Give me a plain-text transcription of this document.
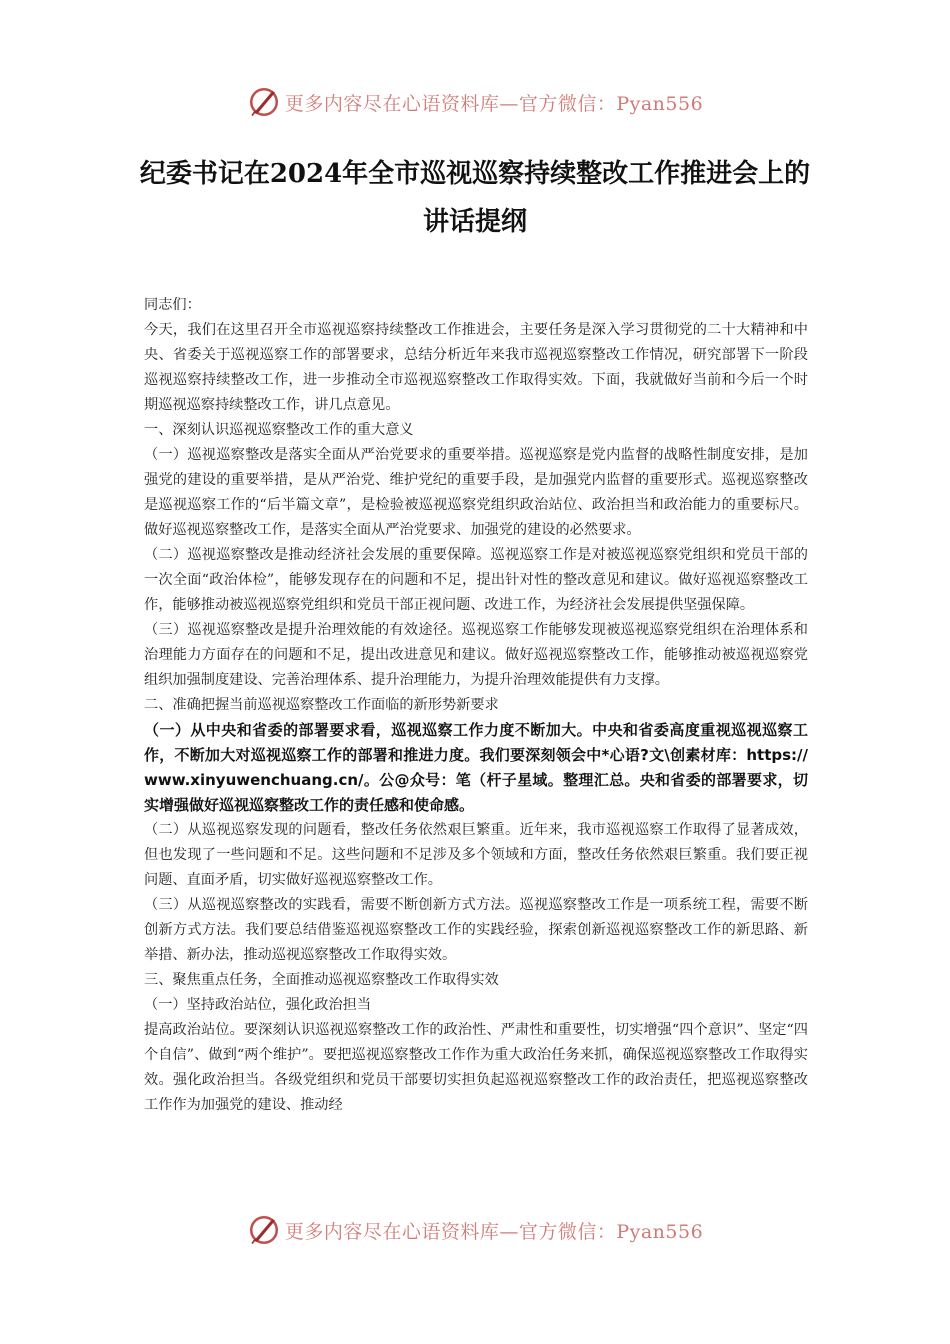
更多内容尽在心语资料库—官方微信：Pyan556
纪委书记在2024年全市巡视巡察持续整改工作推进会上的讲话提纲

同志们：

今天，我们在这里召开全市巡视巡察持续整改工作推进会，主要任务是深入学习贯彻党的二十大精神和中央、省委关于巡视巡察工作的部署要求，总结分析近年来我市巡视巡察整改工作情况，研究部署下一阶段巡视巡察持续整改工作，进一步推动全市巡视巡察整改工作取得实效。下面，我就做好当前和今后一个时期巡视巡察持续整改工作，讲几点意见。

一、深刻认识巡视巡察整改工作的重大意义

（一）巡视巡察整改是落实全面从严治党要求的重要举措。巡视巡察是党内监督的战略性制度安排，是加强党的建设的重要举措，是从严治党、维护党纪的重要手段，是加强党内监督的重要形式。巡视巡察整改是巡视巡察工作的“后半篇文章”，是检验被巡视巡察党组织政治站位、政治担当和政治能力的重要标尺。做好巡视巡察整改工作，是落实全面从严治党要求、加强党的建设的必然要求。

（二）巡视巡察整改是推动经济社会发展的重要保障。巡视巡察工作是对被巡视巡察党组织和党员干部的一次全面“政治体检”，能够发现存在的问题和不足，提出针对性的整改意见和建议。做好巡视巡察整改工作，能够推动被巡视巡察党组织和党员干部正视问题、改进工作，为经济社会发展提供坚强保障。

（三）巡视巡察整改是提升治理效能的有效途径。巡视巡察工作能够发现被巡视巡察党组织在治理体系和治理能力方面存在的问题和不足，提出改进意见和建议。做好巡视巡察整改工作，能够推动被巡视巡察党组织加强制度建设、完善治理体系、提升治理能力，为提升治理效能提供有力支撑。

二、准确把握当前巡视巡察整改工作面临的新形势新要求

（一）从中央和省委的部署要求看，巡视巡察工作力度不断加大。中央和省委高度重视巡视巡察工作，不断加大对巡视巡察工作的部署和推进力度。我们要深刻领会中*心语?文\创素材库：https://www.xinyuwenchuang.cn/。公@众号：笔（杆子星域。整理汇总。央和省委的部署要求，切实增强做好巡视巡察整改工作的责任感和使命感。

（二）从巡视巡察发现的问题看，整改任务依然艰巨繁重。近年来，我市巡视巡察工作取得了显著成效，但也发现了一些问题和不足。这些问题和不足涉及多个领域和方面，整改任务依然艰巨繁重。我们要正视问题、直面矛盾，切实做好巡视巡察整改工作。

（三）从巡视巡察整改的实践看，需要不断创新方式方法。巡视巡察整改工作是一项系统工程，需要不断创新方式方法。我们要总结借鉴巡视巡察整改工作的实践经验，探索创新巡视巡察整改工作的新思路、新举措、新办法，推动巡视巡察整改工作取得实效。

三、聚焦重点任务，全面推动巡视巡察整改工作取得实效

（一）坚持政治站位，强化政治担当

提高政治站位。要深刻认识巡视巡察整改工作的政治性、严肃性和重要性，切实增强“四个意识”、坚定“四个自信”、做到“两个维护”。要把巡视巡察整改工作作为重大政治任务来抓，确保巡视巡察整改工作取得实效。强化政治担当。各级党组织和党员干部要切实担负起巡视巡察整改工作的政治责任，把巡视巡察整改工作作为加强党的建设、推动经

更多内容尽在心语资料库—官方微信：Pyan556
